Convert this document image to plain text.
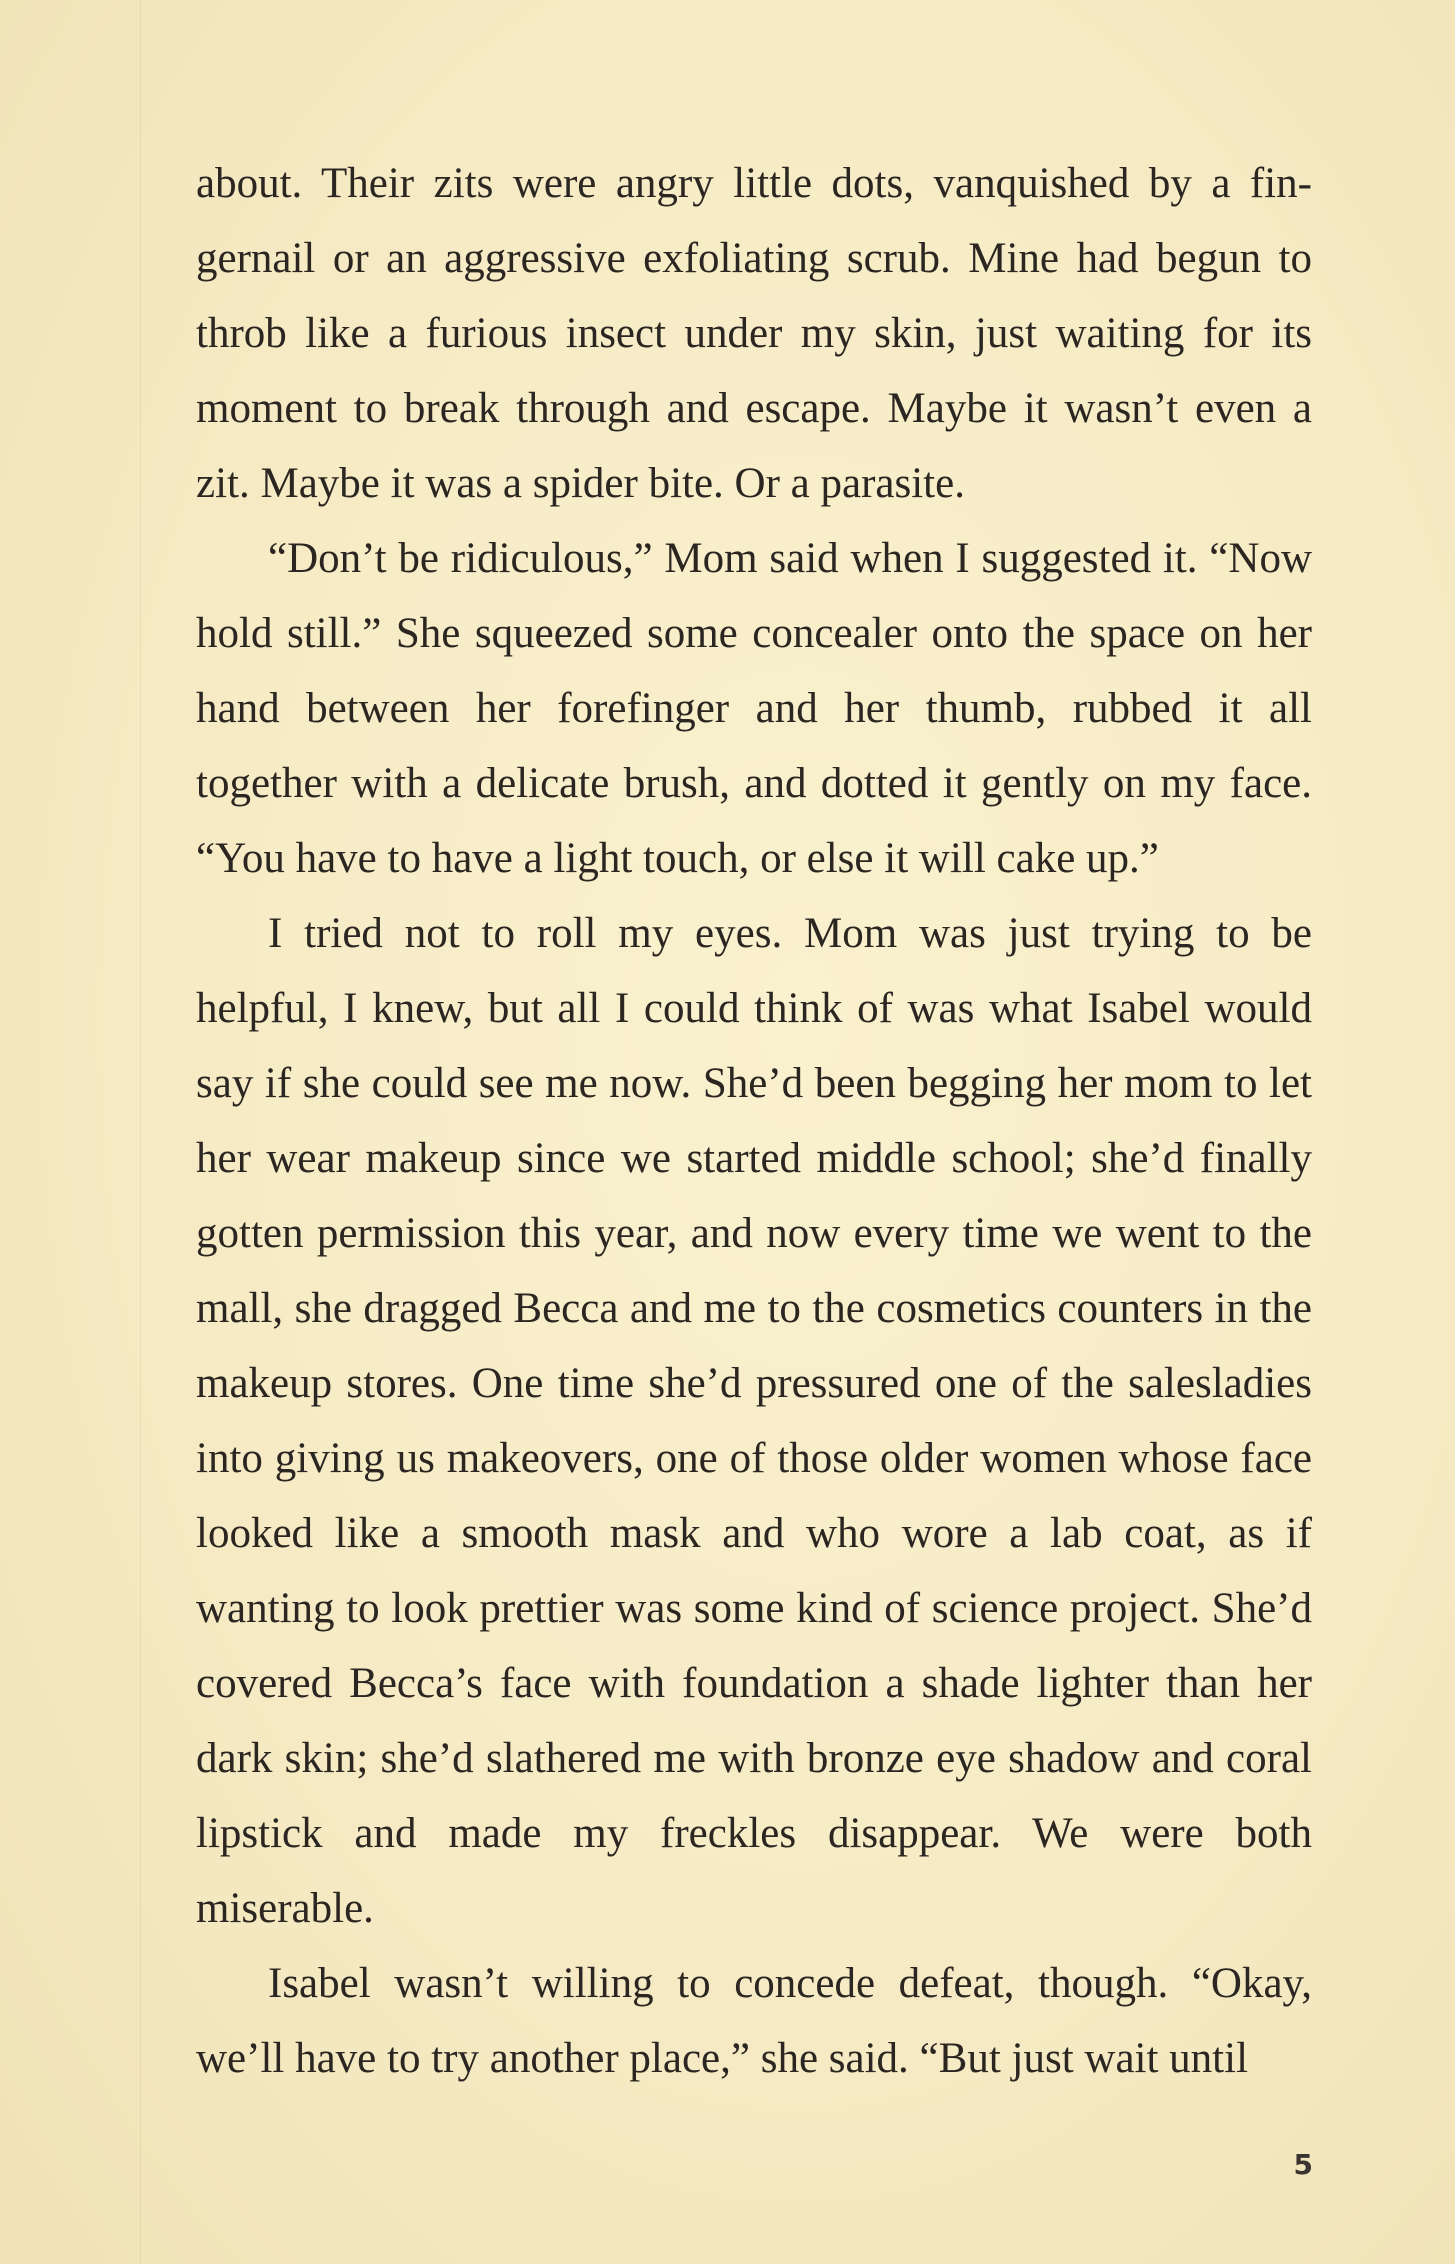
about. Their zits were angry little dots, vanquished by a fingernail or an aggressive exfoliating scrub. Mine had begun to throb like a furious insect under my skin, just waiting for its moment to break through and escape. Maybe it wasn’t even a zit. Maybe it was a spider bite. Or a parasite.

“Don’t be ridiculous,” Mom said when I suggested it. “Now hold still.” She squeezed some concealer onto the space on her hand between her forefinger and her thumb, rubbed it all together with a delicate brush, and dotted it gently on my face. “You have to have a light touch, or else it will cake up.”

I tried not to roll my eyes. Mom was just trying to be helpful, I knew, but all I could think of was what Isabel would say if she could see me now. She’d been begging her mom to let her wear makeup since we started middle school; she’d finally gotten permission this year, and now every time we went to the mall, she dragged Becca and me to the cosmetics counters in the makeup stores. One time she’d pressured one of the salesladies into giving us makeovers, one of those older women whose face looked like a smooth mask and who wore a lab coat, as if wanting to look prettier was some kind of science project. She’d covered Becca’s face with foundation a shade lighter than her dark skin; she’d slathered me with bronze eye shadow and coral lipstick and made my freckles disappear. We were both miserable.

Isabel wasn’t willing to concede defeat, though. “Okay, we’ll have to try another place,” she said. “But just wait until

5
